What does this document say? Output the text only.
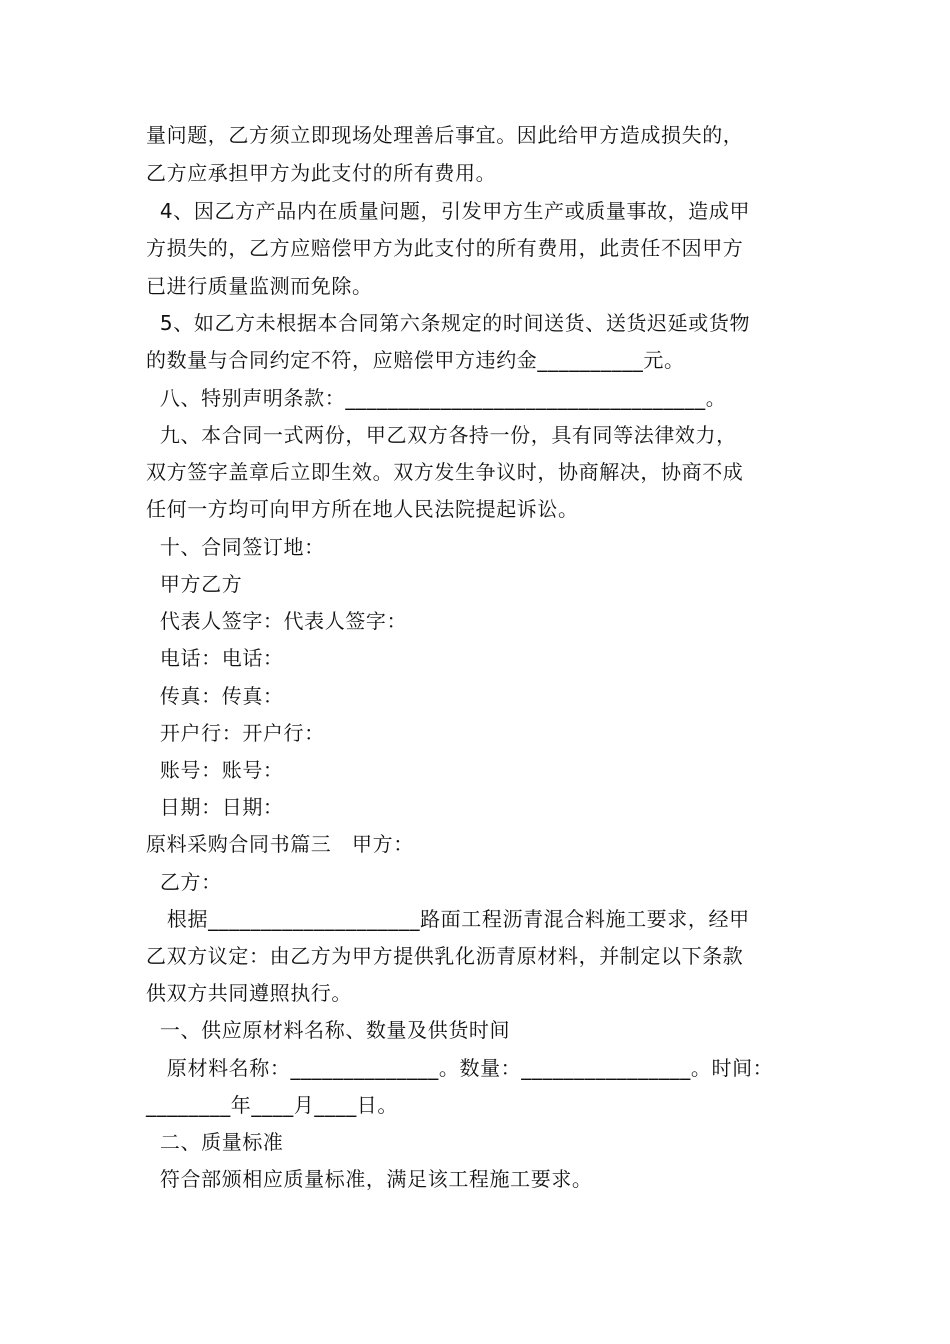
量问题，乙方须立即现场处理善后事宜。因此给甲方造成损失的，
乙方应承担甲方为此支付的所有费用。
4、因乙方产品内在质量问题，引发甲方生产或质量事故，造成甲
方损失的，乙方应赔偿甲方为此支付的所有费用，此责任不因甲方
已进行质量监测而免除。
5、如乙方未根据本合同第六条规定的时间送货、送货迟延或货物
的数量与合同约定不符，应赔偿甲方违约金__________元。
八、特别声明条款：__________________________________。
九、本合同一式两份，甲乙双方各持一份，具有同等法律效力，
双方签字盖章后立即生效。双方发生争议时，协商解决，协商不成
任何一方均可向甲方所在地人民法院提起诉讼。
十、合同签订地：
甲方乙方
代表人签字：代表人签字：
电话：电话：
传真：传真：
开户行：开户行：
账号：账号：
日期：日期：
原料采购合同书篇三　甲方：
乙方：
根据____________________路面工程沥青混合料施工要求，经甲
乙双方议定：由乙方为甲方提供乳化沥青原材料，并制定以下条款
供双方共同遵照执行。
一、供应原材料名称、数量及供货时间
原材料名称：______________。数量：________________。时间：
________年____月____日。
二、质量标准
符合部颁相应质量标准，满足该工程施工要求。
